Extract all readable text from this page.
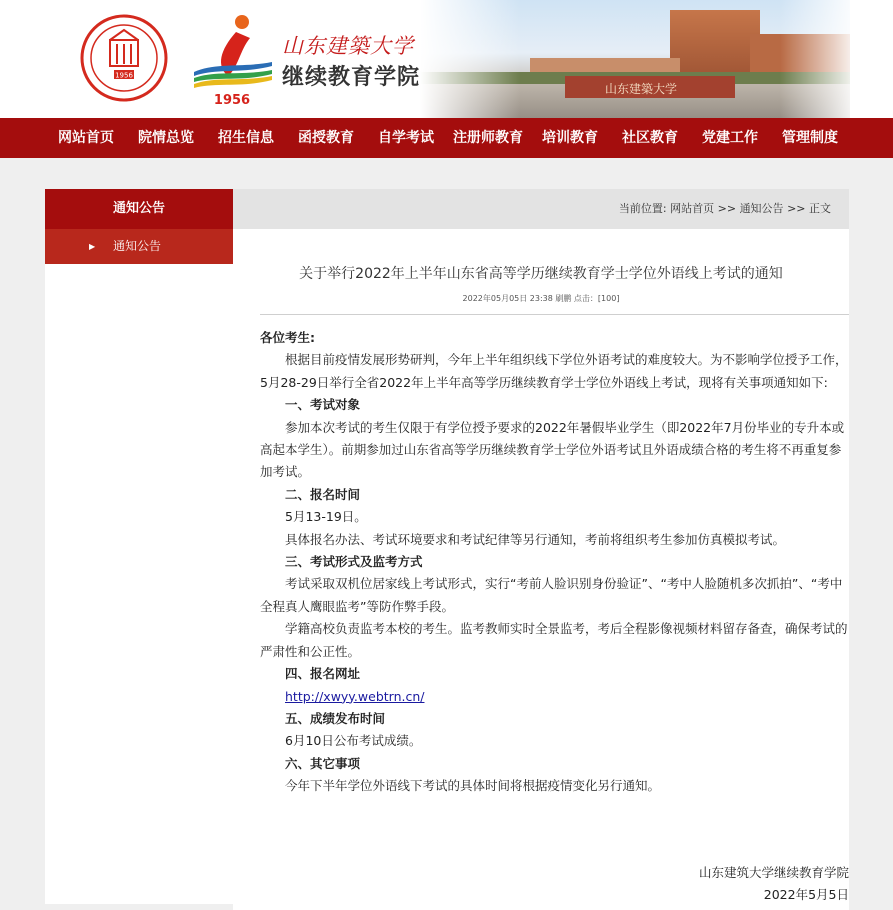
山东建築大学
1956
1956
山东建築大学
继续教育学院
网站首页 院情总览 招生信息 函授教育 自学考试 注册师教育 培训教育 社区教育 党建工作 管理制度
通知公告
▶ 通知公告
当前位置: 网站首页 >> 通知公告 >> 正文
关于举行2022年上半年山东省高等学历继续教育学士学位外语线上考试的通知
2022年05月05日 23:38 刷鹏 点击：[100]

各位考生:

根据目前疫情发展形势研判，今年上半年组织线下学位外语考试的难度较大。为不影响学位授予工作，5月28-29日举行全省2022年上半年高等学历继续教育学士学位外语线上考试，现将有关事项通知如下:

一、考试对象

参加本次考试的考生仅限于有学位授予要求的2022年暑假毕业学生（即2022年7月份毕业的专升本或高起本学生）。前期参加过山东省高等学历继续教育学士学位外语考试且外语成绩合格的考生将不再重复参加考试。

二、报名时间

5月13-19日。

具体报名办法、考试环境要求和考试纪律等另行通知，考前将组织考生参加仿真模拟考试。

三、考试形式及监考方式

考试采取双机位居家线上考试形式，实行“考前人脸识别身份验证”、“考中人脸随机多次抓拍”、“考中全程真人鹰眼监考”等防作弊手段。

学籍高校负责监考本校的考生。监考教师实时全景监考，考后全程影像视频材料留存备查，确保考试的严肃性和公正性。

四、报名网址

http://xwyy.webtrn.cn/

五、成绩发布时间

6月10日公布考试成绩。

六、其它事项

今年下半年学位外语线下考试的具体时间将根据疫情变化另行通知。

山东建筑大学继续教育学院
2022年5月5日
